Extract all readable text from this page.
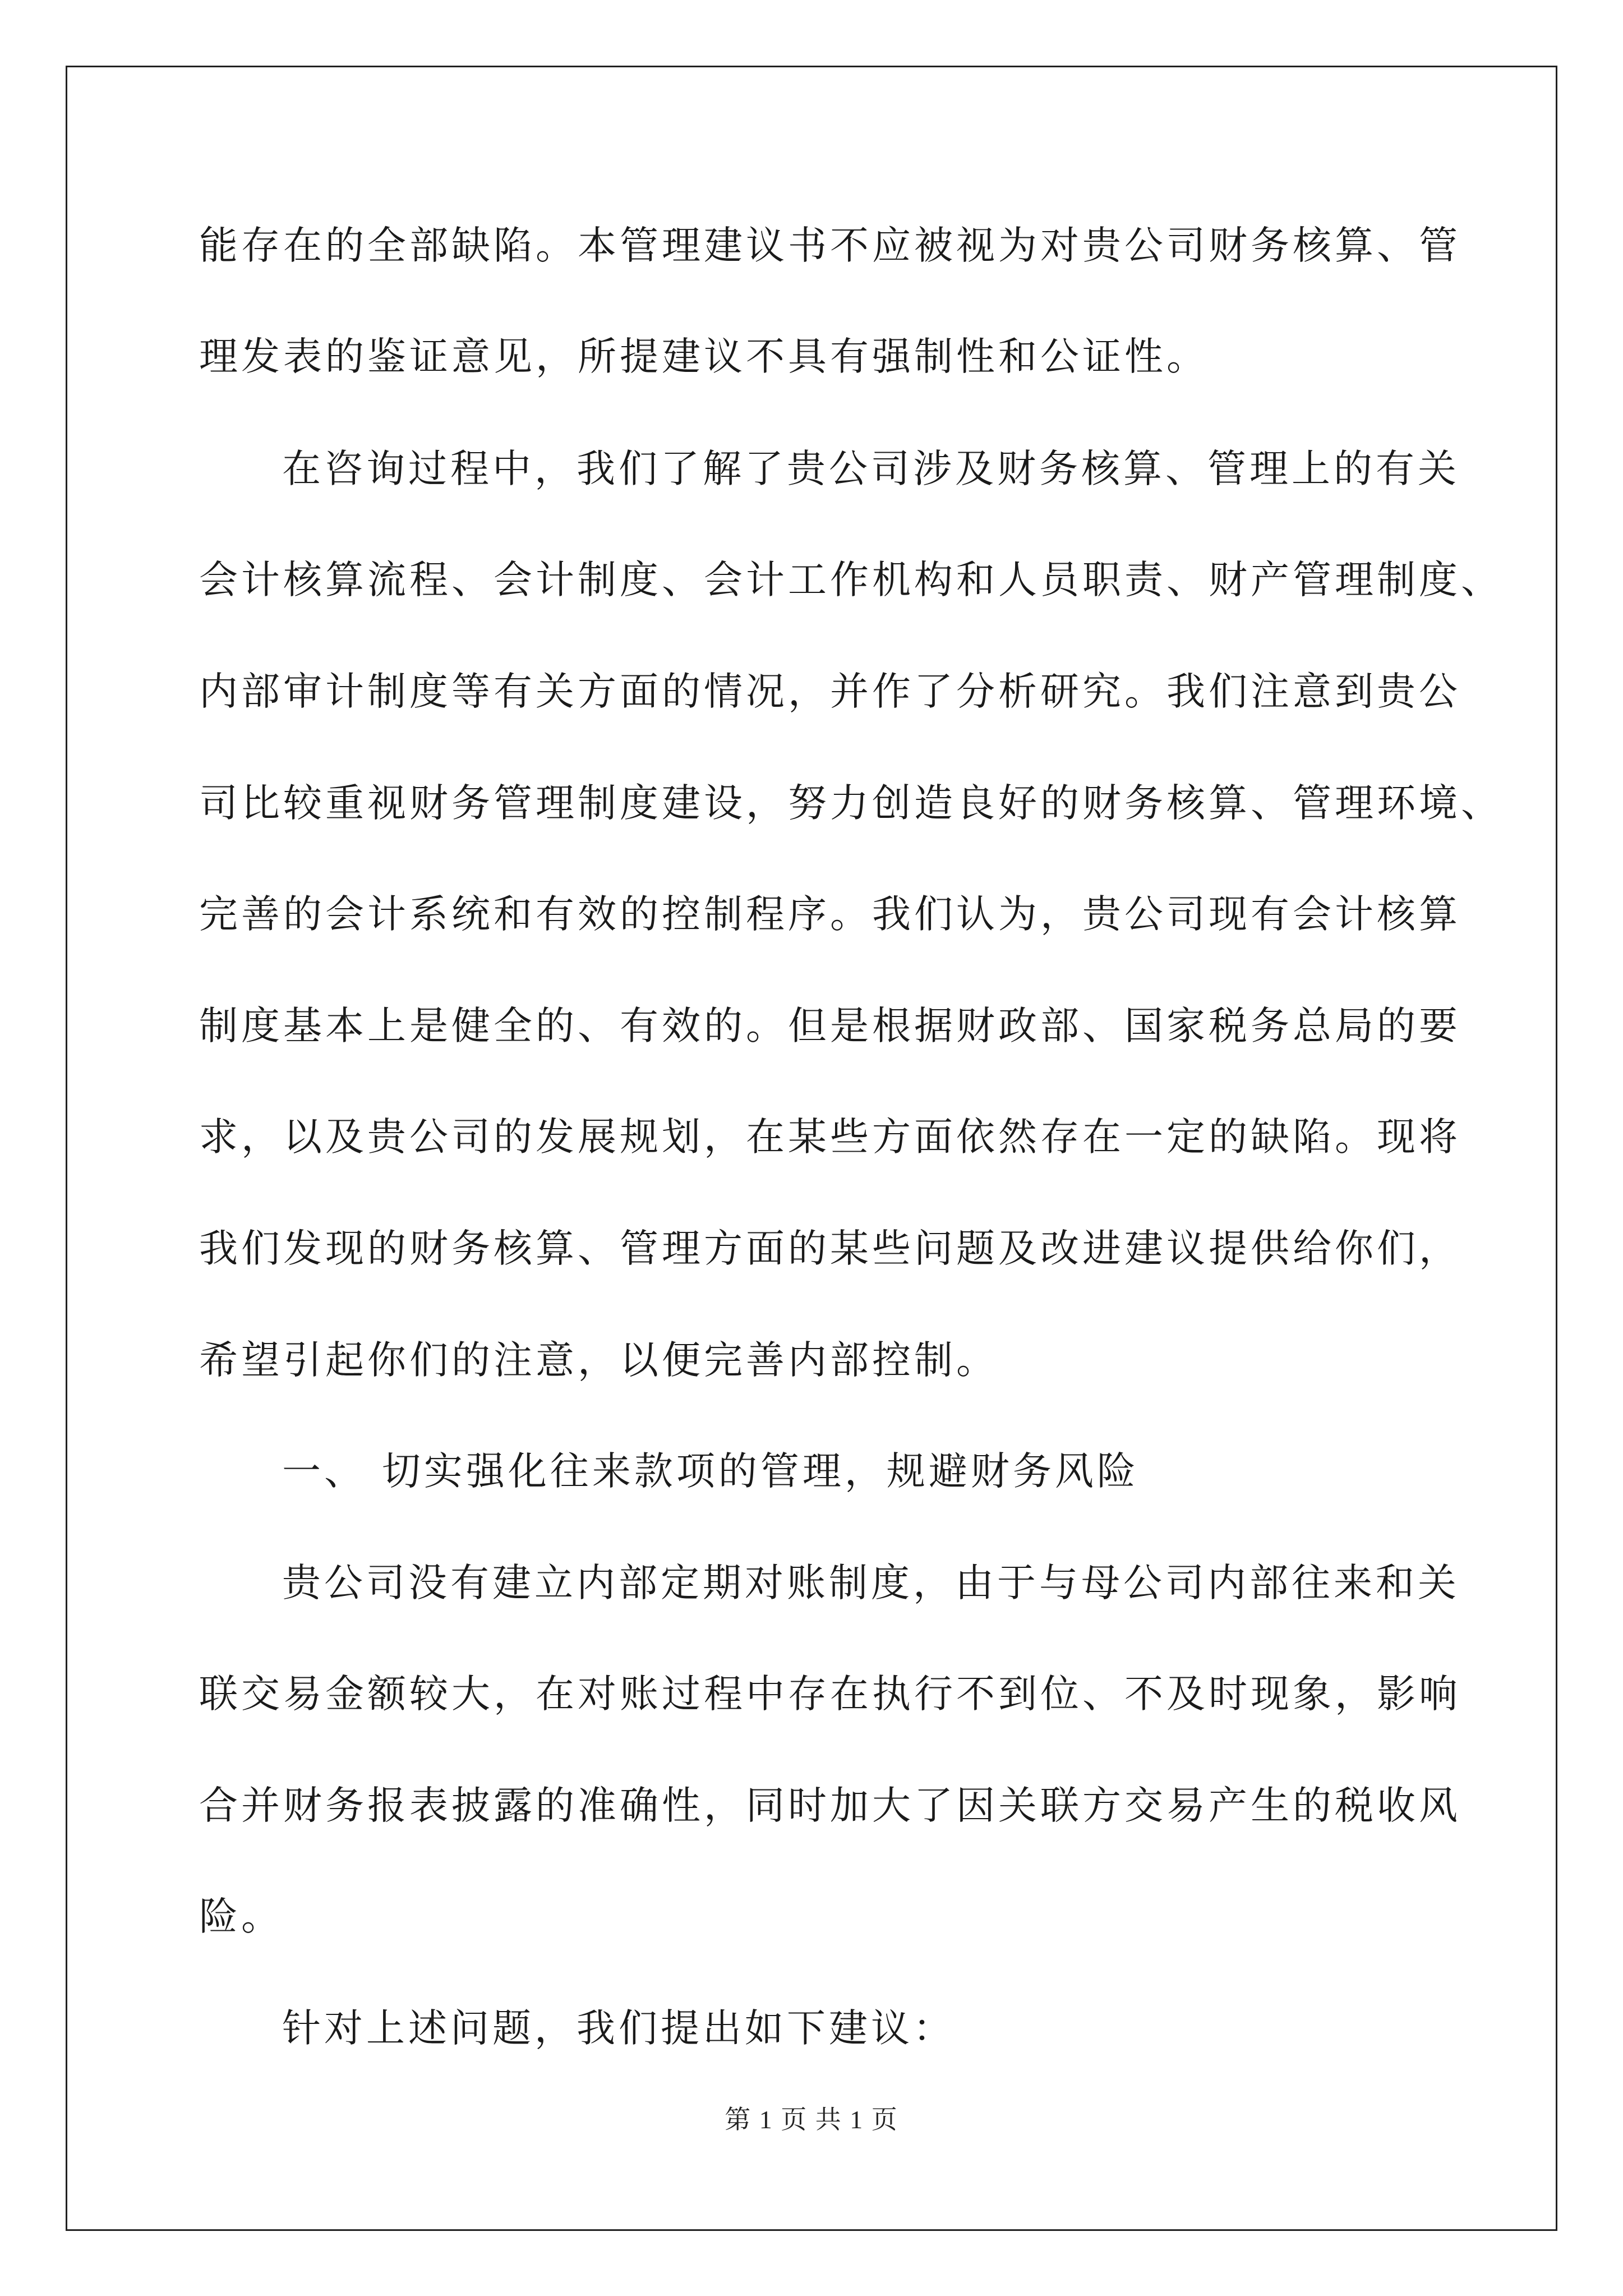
能存在的全部缺陷。本管理建议书不应被视为对贵公司财务核算、管
理发表的鉴证意见，所提建议不具有强制性和公证性。
在咨询过程中，我们了解了贵公司涉及财务核算、管理上的有关
会计核算流程、会计制度、会计工作机构和人员职责、财产管理制度、
内部审计制度等有关方面的情况，并作了分析研究。我们注意到贵公
司比较重视财务管理制度建设，努力创造良好的财务核算、管理环境、
完善的会计系统和有效的控制程序。我们认为，贵公司现有会计核算
制度基本上是健全的、有效的。但是根据财政部、国家税务总局的要
求，以及贵公司的发展规划，在某些方面依然存在一定的缺陷。现将
我们发现的财务核算、管理方面的某些问题及改进建议提供给你们，
希望引起你们的注意，以便完善内部控制。
一、 切实强化往来款项的管理，规避财务风险
贵公司没有建立内部定期对账制度，由于与母公司内部往来和关
联交易金额较大，在对账过程中存在执行不到位、不及时现象，影响
合并财务报表披露的准确性，同时加大了因关联方交易产生的税收风
险。
针对上述问题，我们提出如下建议：
第 1 页 共 1 页
